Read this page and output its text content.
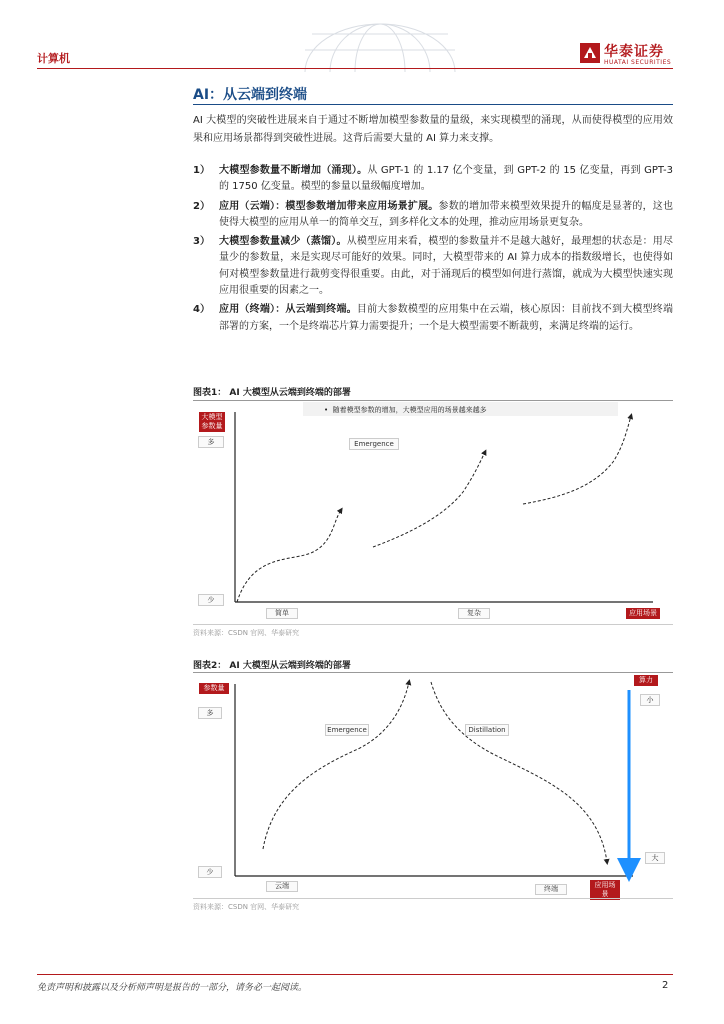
计算机	华泰证券
HUATAI SECURITIES
AI：从云端到终端
AI 大模型的突破性进展来自于通过不断增加模型参数量的量级，来实现模型的涌现，从而使得模型的应用效果和应用场景都得到突破性进展。这背后需要大量的 AI 算力来支撑。
1） 大模型参数量不断增加（涌现）。从 GPT-1 的 1.17 亿个变量，到 GPT-2 的 15 亿变量，再到 GPT-3 的 1750 亿变量。模型的参量以量级幅度增加。
2） 应用（云端）：模型参数增加带来应用场景扩展。参数的增加带来模型效果提升的幅度是显著的，这也使得大模型的应用从单一的简单交互，到多样化文本的处理，推动应用场景更复杂。
3） 大模型参数量减少（蒸馏）。从模型应用来看，模型的参数量并不是越大越好，最理想的状态是：用尽量少的参数量，来是实现尽可能好的效果。同时，大模型带来的 AI 算力成本的指数级增长，也使得如何对模型参数量进行裁剪变得很重要。由此，对于涌现后的模型如何进行蒸馏，就成为大模型快速实现应用很重要的因素之一。
4） 应用（终端）：从云端到终端。目前大参数模型的应用集中在云端，核心原因：目前找不到大模型终端部署的方案，一个是终端芯片算力需要提升；一个是大模型需要不断裁剪，来满足终端的运行。
图表1： AI 大模型从云端到终端的部署
大模型参数量
多
少
•  随着模型参数的增加，大模型应用的场景越来越多
Emergence
简单	复杂	应用场景
资料来源：CSDN 官网、华泰研究
图表2： AI 大模型从云端到终端的部署
参数量
多
少
Emergence	Distillation
云端	终端	应用场景
算力
小
大
资料来源：CSDN 官网、华泰研究
免责声明和披露以及分析师声明是报告的一部分，请务必一起阅读。	2
